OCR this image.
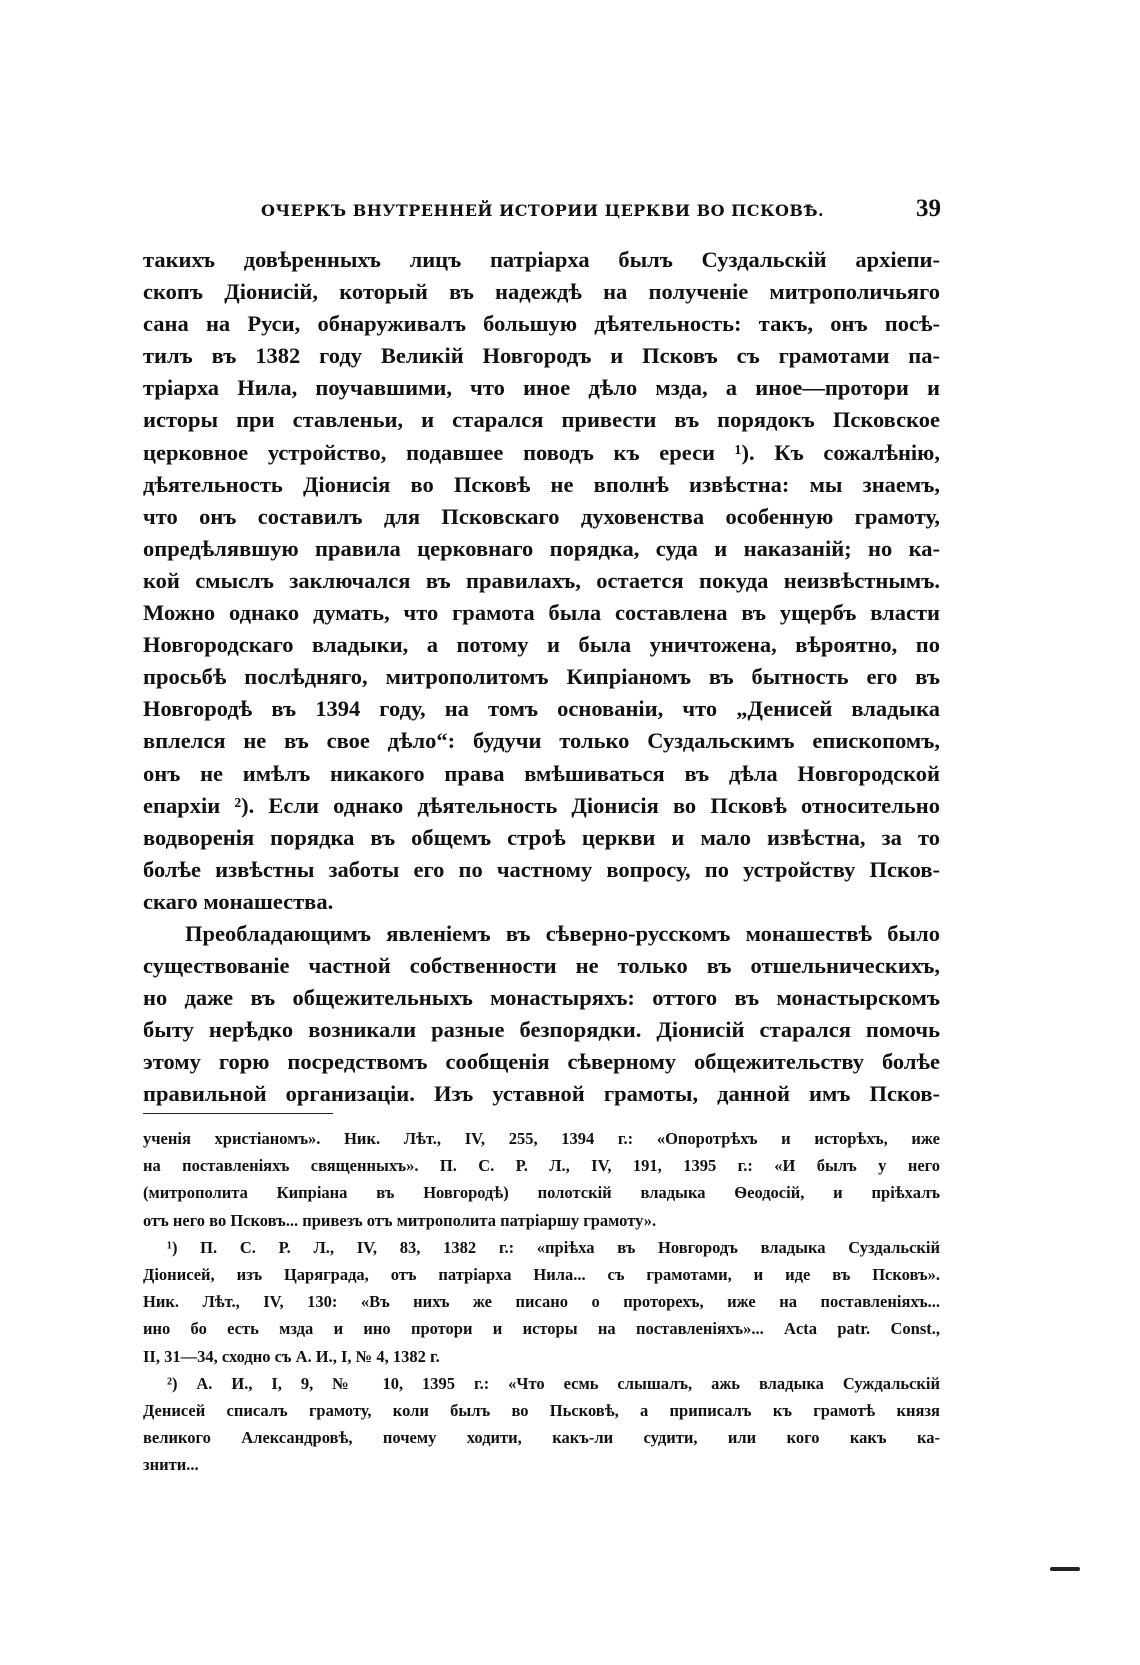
ОЧЕРКЪ ВНУТРЕННЕЙ ИСТОРИИ ЦЕРКВИ ВО ПСКОВѢ.	39
такихъ довѣренныхъ лицъ патріарха былъ Суздальскій архіепи-
скопъ Діонисій, который въ надеждѣ на полученіе митрополичьяго
сана на Руси, обнаруживалъ большую дѣятельность: такъ, онъ посѣ-
тилъ въ 1382 году Великій Новгородъ и Псковъ съ грамотами па-
тріарха Нила, поучавшими, что иное дѣло мзда, а иное—протори и
исторы при ставленьи, и старался привести въ порядокъ Псковское
церковное устройство, подавшее поводъ къ ереси ¹). Къ сожалѣнію,
дѣятельность Діонисія во Псковѣ не вполнѣ извѣстна: мы знаемъ,
что онъ составилъ для Псковскаго духовенства особенную грамоту,
опредѣлявшую правила церковнаго порядка, суда и наказаній; но ка-
кой смыслъ заключался въ правилахъ, остается покуда неизвѣстнымъ.
Можно однако думать, что грамота была составлена въ ущербъ власти
Новгородскаго владыки, а потому и была уничтожена, вѣроятно, по
просьбѣ послѣдняго, митрополитомъ Кипріаномъ въ бытность его въ
Новгородѣ въ 1394 году, на томъ основаніи, что „Денисей владыка
вплелся не въ свое дѣло“: будучи только Суздальскимъ епископомъ,
онъ не имѣлъ никакого права вмѣшиваться въ дѣла Новгородской
епархіи ²). Если однако дѣятельность Діонисія во Псковѣ относительно
водворенія порядка въ общемъ строѣ церкви и мало извѣстна, за то
болѣе извѣстны заботы его по частному вопросу, по устройству Псков-
скаго монашества.
Преобладающимъ явленіемъ въ сѣверно-русскомъ монашествѣ было
существованіе частной собственности не только въ отшельническихъ,
но даже въ общежительныхъ монастыряхъ: оттого въ монастырскомъ
быту нерѣдко возникали разные безпорядки. Діонисій старался помочь
этому горю посредствомъ сообщенія сѣверному общежительству болѣе
правильной организаціи. Изъ уставной грамоты, данной имъ Псков-
ученія христіаномъ». Ник. Лѣт., IV, 255, 1394 г.: «Опоротрѣхъ и исторѣхъ, иже
на поставленіяхъ священныхъ». П. С. Р. Л., IV, 191, 1395 г.: «И былъ у него
(митрополита Кипріана въ Новгородѣ) полотскій владыка Ѳеодосій, и пріѣхалъ
отъ него во Псковъ... привезъ отъ митрополита патріаршу грамоту».
¹) П. С. Р. Л., IV, 83, 1382 г.: «пріѣха въ Новгородъ владыка Суздальскій
Діонисей, изъ Царяграда, отъ патріарха Нила... съ грамотами, и иде въ Псковъ».
Ник. Лѣт., IV, 130: «Въ нихъ же писано о проторехъ, иже на поставленіяхъ...
ино бо есть мзда и ино протори и исторы на поставленіяхъ»... Acta patr. Const.,
II, 31—34, сходно съ А. И., I, № 4, 1382 г.
²) А. И., I, 9, № 10, 1395 г.: «Что есмь слышалъ, ажь владыка Суждальскій
Денисей списалъ грамоту, коли былъ во Пьсковѣ, а приписалъ къ грамотѣ князя
великого Александровѣ, почему ходити, какъ-ли судити, или кого какъ ка-
знити...
